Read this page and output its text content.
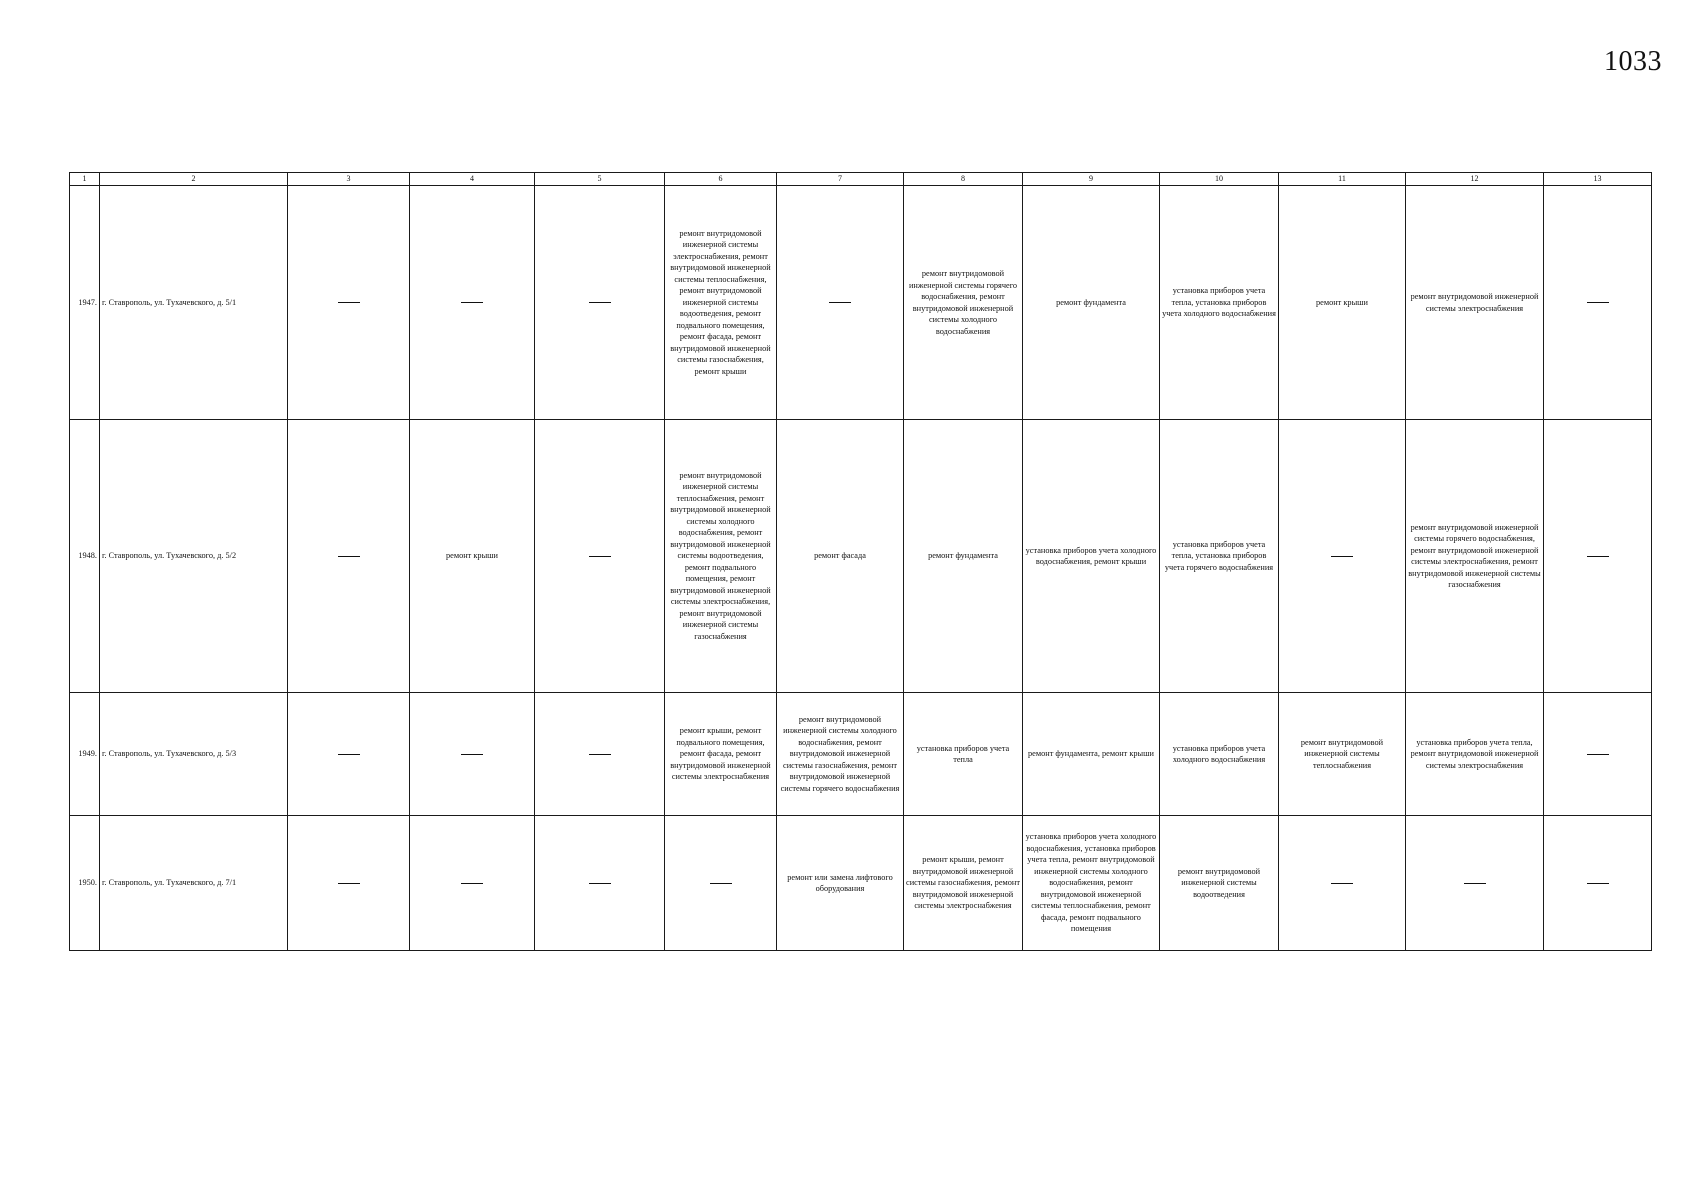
1033
1	2	3	4	5	6	7	8	9	10	11	12	13
1947.	г. Ставрополь, ул. Тухачевского, д. 5/1				ремонт внутридомовой инженерной системы электроснабжения, ремонт внутридомовой инженерной системы теплоснабжения, ремонт внутридомовой инженерной системы водоотведения, ремонт подвального помещения, ремонт фасада, ремонт внутридомовой инженерной системы газоснабжения, ремонт крыши		ремонт внутридомовой инженерной системы горячего водоснабжения, ремонт внутридомовой инженерной системы холодного водоснабжения	ремонт фундамента	установка приборов учета тепла, установка приборов учета холодного водоснабжения	ремонт крыши	ремонт внутридомовой инженерной системы электроснабжения	
1948.	г. Ставрополь, ул. Тухачевского, д. 5/2		ремонт крыши		ремонт внутридомовой инженерной системы теплоснабжения, ремонт внутридомовой инженерной системы холодного водоснабжения, ремонт внутридомовой инженерной системы водоотведения, ремонт подвального помещения, ремонт внутридомовой инженерной системы электроснабжения, ремонт внутридомовой инженерной системы газоснабжения	ремонт фасада	ремонт фундамента	установка приборов учета холодного водоснабжения, ремонт крыши	установка приборов учета тепла, установка приборов учета горячего водоснабжения		ремонт внутридомовой инженерной системы горячего водоснабжения, ремонт внутридомовой инженерной системы электроснабжения, ремонт внутридомовой инженерной системы газоснабжения	
1949.	г. Ставрополь, ул. Тухачевского, д. 5/3				ремонт крыши, ремонт подвального помещения, ремонт фасада, ремонт внутридомовой инженерной системы электроснабжения	ремонт внутридомовой инженерной системы холодного водоснабжения, ремонт внутридомовой инженерной системы газоснабжения, ремонт внутридомовой инженерной системы горячего водоснабжения	установка приборов учета тепла	ремонт фундамента, ремонт крыши	установка приборов учета холодного водоснабжения	ремонт внутридомовой инженерной системы теплоснабжения	установка приборов учета тепла, ремонт внутридомовой инженерной системы электроснабжения	
1950.	г. Ставрополь, ул. Тухачевского, д. 7/1					ремонт или замена лифтового оборудования	ремонт крыши, ремонт внутридомовой инженерной системы газоснабжения, ремонт внутридомовой инженерной системы электроснабжения	установка приборов учета холодного водоснабжения, установка приборов учета тепла, ремонт внутридомовой инженерной системы холодного водоснабжения, ремонт внутридомовой инженерной системы теплоснабжения, ремонт фасада, ремонт подвального помещения	ремонт внутридомовой инженерной системы водоотведения			
